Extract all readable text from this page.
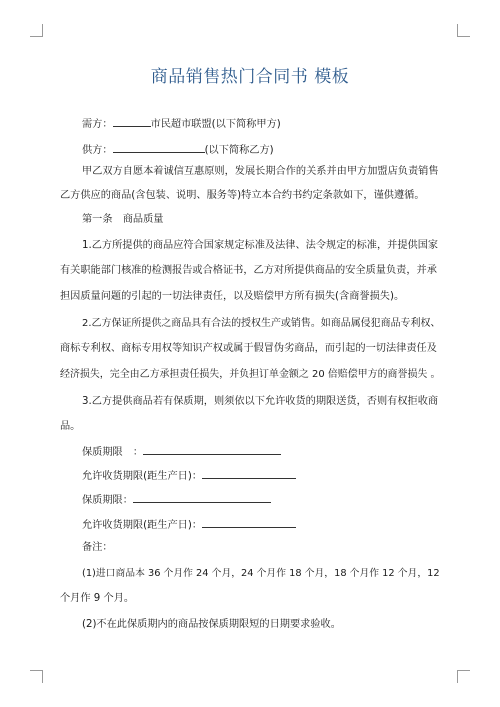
商品销售热门合同书 模板
需方：	市民超市联盟(以下简称甲方)
供方：	(以下简称乙方)
甲乙双方自愿本着诚信互惠原则，发展长期合作的关系并由甲方加盟店负责销售
乙方供应的商品(含包装、说明、服务等)特立本合约书约定条款如下，谨供遵循。
第一条　商品质量
1.乙方所提供的商品应符合国家规定标准及法律、法令规定的标准，并提供国家
有关职能部门核准的检测报告或合格证书，乙方对所提供商品的安全质量负责，并承
担因质量问题的引起的一切法律责任，以及赔偿甲方所有损失(含商誉损失)。
2.乙方保证所提供之商品具有合法的授权生产或销售。如商品属侵犯商品专利权、
商标专利权、商标专用权等知识产权或属于假冒伪劣商品，而引起的一切法律责任及
经济损失，完全由乙方承担责任损失，并负担订单金额之 20 倍赔偿甲方的商誉损失 。
3.乙方提供商品若有保质期，则须依以下允许收货的期限送货，否则有权拒收商
品。
保质期限　：
允许收货期限(距生产日)：
保质期限：
允许收货期限(距生产日)：
备注：
(1)进口商品本 36 个月作 24 个月，24 个月作 18 个月，18 个月作 12 个月，12
个月作 9 个月。
(2)不在此保质期内的商品按保质期限短的日期要求验收。
